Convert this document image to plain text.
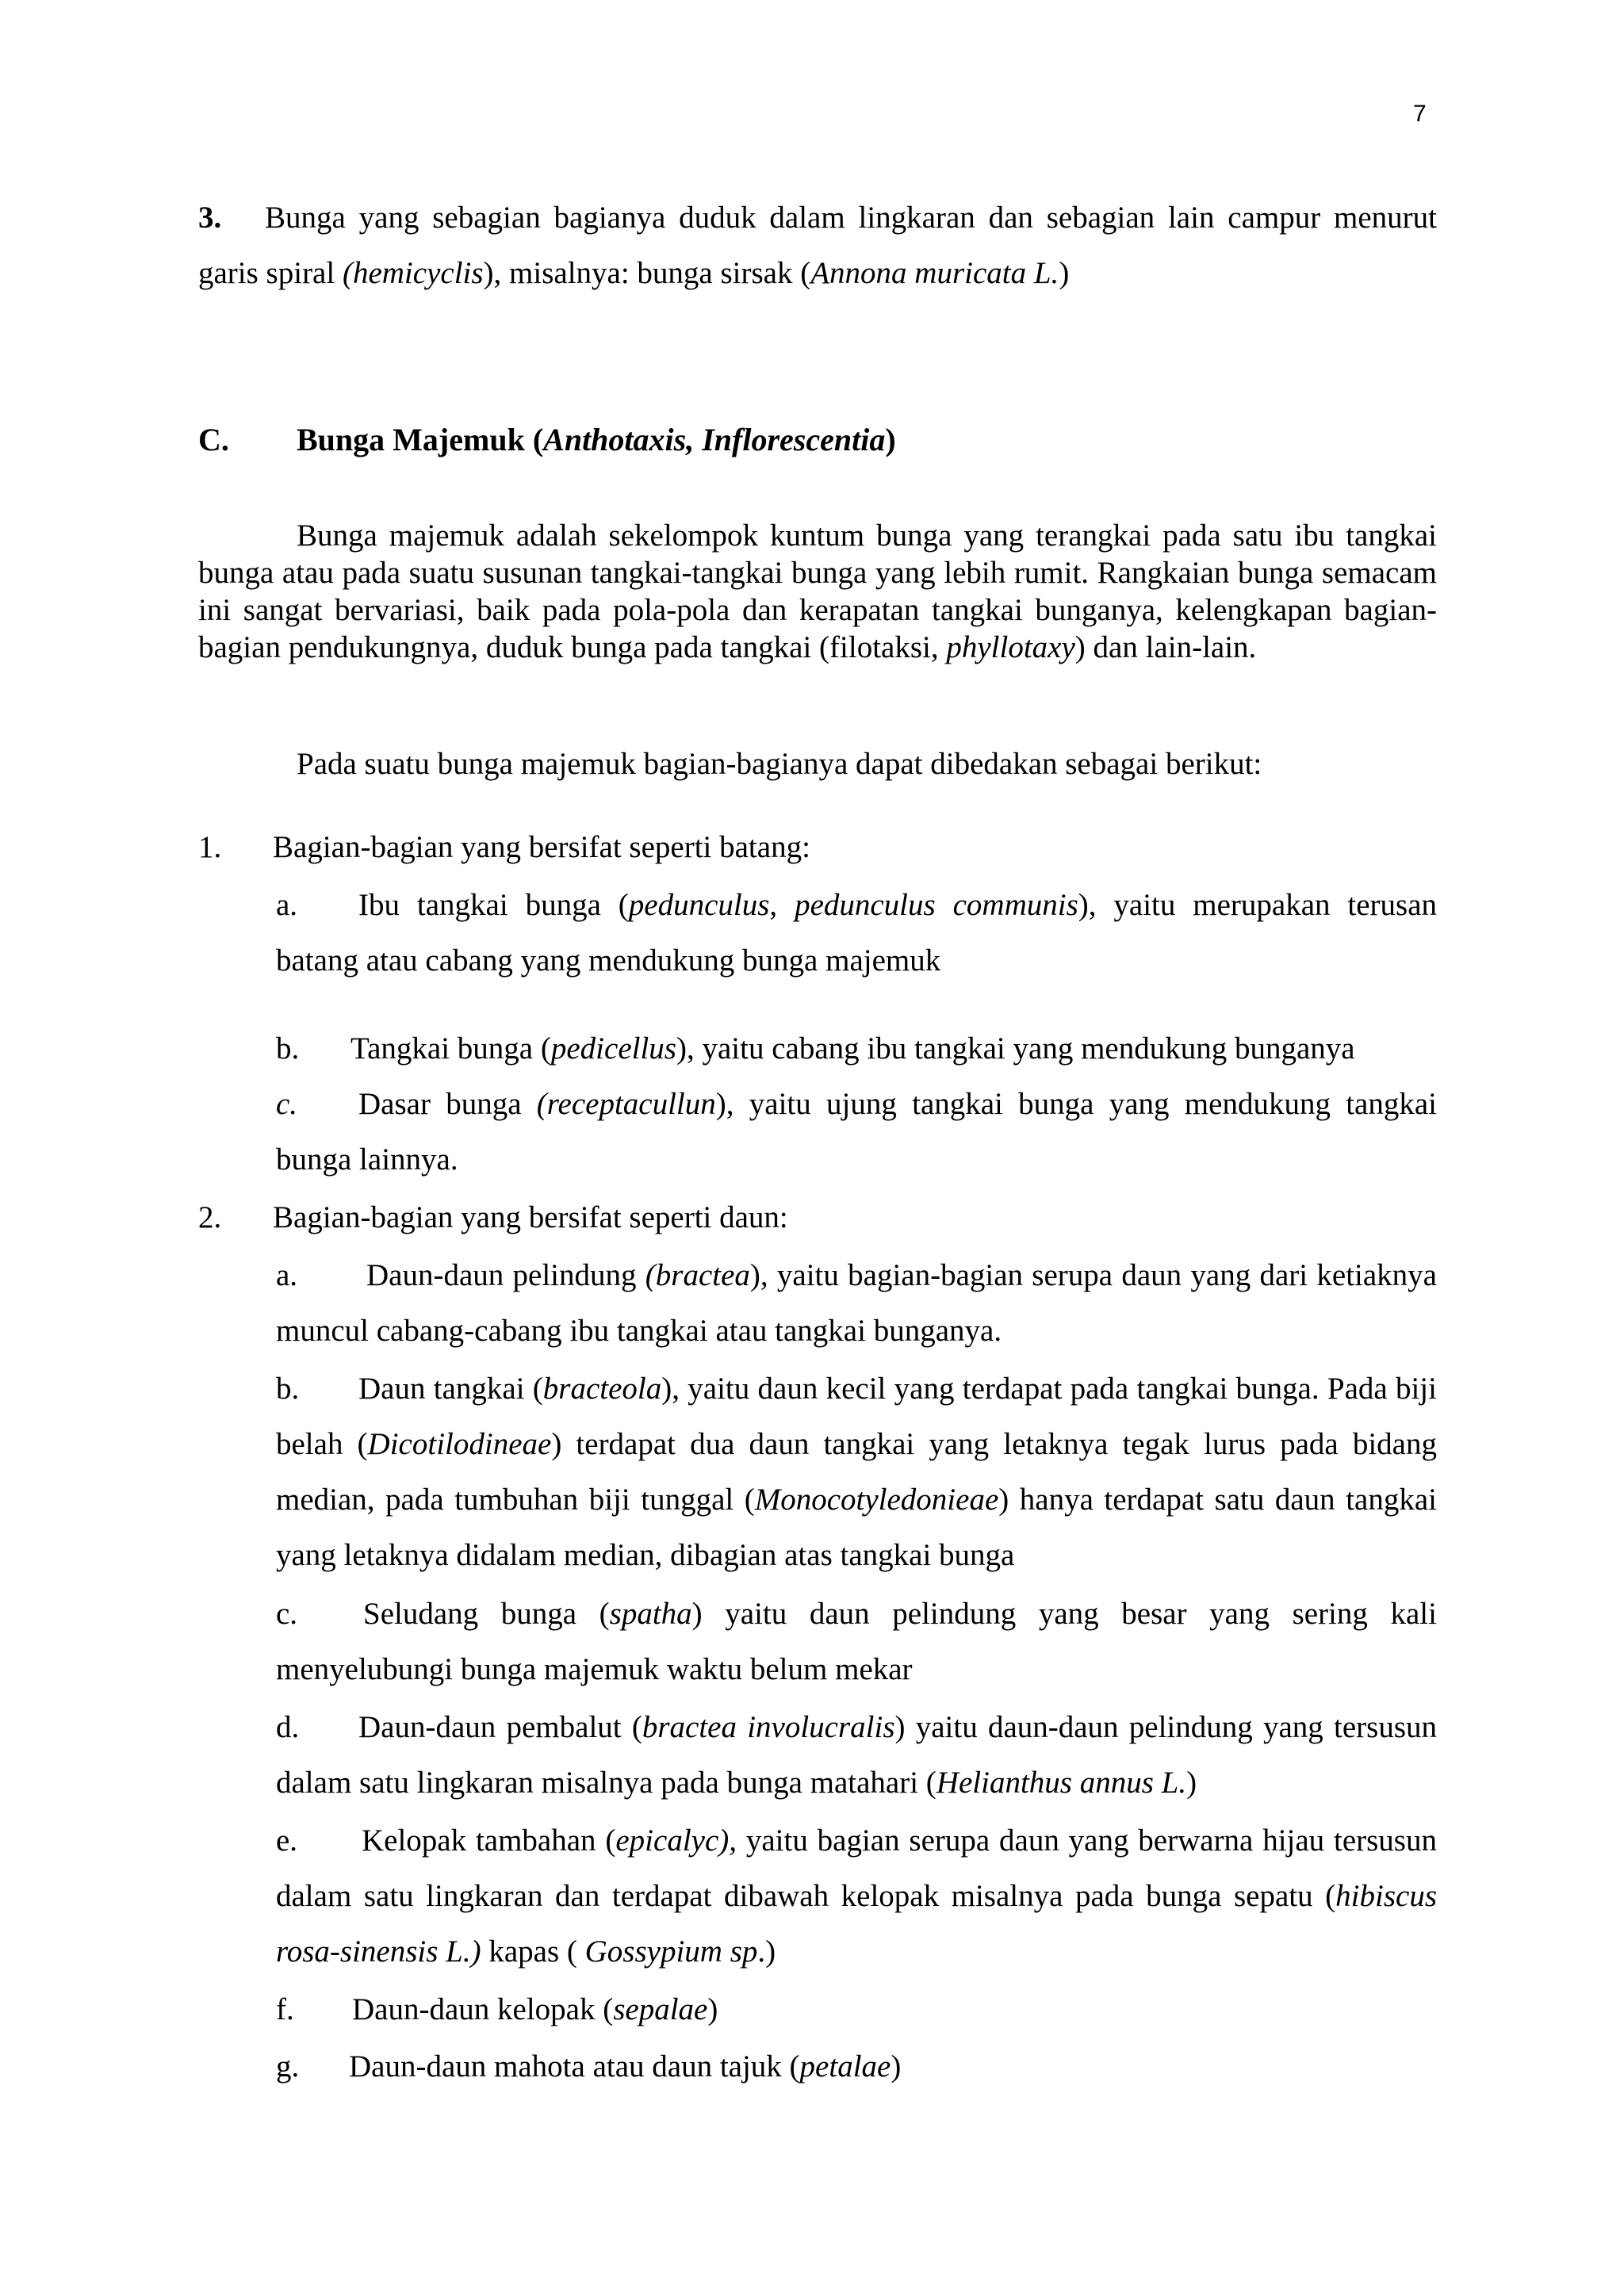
7
3. Bunga yang sebagian bagianya duduk dalam lingkaran dan sebagian lain campur menurut garis spiral (hemicyclis), misalnya: bunga sirsak (Annona muricata L.)
C. Bunga Majemuk (Anthotaxis, Inflorescentia)
Bunga majemuk adalah sekelompok kuntum bunga yang terangkai pada satu ibu tangkai bunga atau pada suatu susunan tangkai-tangkai bunga yang lebih rumit. Rangkaian bunga semacam ini sangat bervariasi, baik pada pola-pola dan kerapatan tangkai bunganya, kelengkapan bagian-bagian pendukungnya, duduk bunga pada tangkai (filotaksi, phyllotaxy) dan lain-lain.
Pada suatu bunga majemuk bagian-bagianya dapat dibedakan sebagai berikut:
1. Bagian-bagian yang bersifat seperti batang:
a. Ibu tangkai bunga (pedunculus, pedunculus communis), yaitu merupakan terusan batang atau cabang yang mendukung bunga majemuk
b. Tangkai bunga (pedicellus), yaitu cabang ibu tangkai yang mendukung bunganya
c. Dasar bunga (receptacullun), yaitu ujung tangkai bunga yang mendukung tangkai bunga lainnya.
2. Bagian-bagian yang bersifat seperti daun:
a. Daun-daun pelindung (bractea), yaitu bagian-bagian serupa daun yang dari ketiaknya muncul cabang-cabang ibu tangkai atau tangkai bunganya.
b. Daun tangkai (bracteola), yaitu daun kecil yang terdapat pada tangkai bunga. Pada biji belah (Dicotilodineae) terdapat dua daun tangkai yang letaknya tegak lurus pada bidang median, pada tumbuhan biji tunggal (Monocotyledonieae) hanya terdapat satu daun tangkai yang letaknya didalam median, dibagian atas tangkai bunga
c. Seludang bunga (spatha) yaitu daun pelindung yang besar yang sering kali menyelubungi bunga majemuk waktu belum mekar
d. Daun-daun pembalut (bractea involucralis) yaitu daun-daun pelindung yang tersusun dalam satu lingkaran misalnya pada bunga matahari (Helianthus annus L.)
e. Kelopak tambahan (epicalyc), yaitu bagian serupa daun yang berwarna hijau tersusun dalam satu lingkaran dan terdapat dibawah kelopak misalnya pada bunga sepatu (hibiscus rosa-sinensis L.) kapas ( Gossypium sp.)
f. Daun-daun kelopak (sepalae)
g. Daun-daun mahota atau daun tajuk (petalae)
